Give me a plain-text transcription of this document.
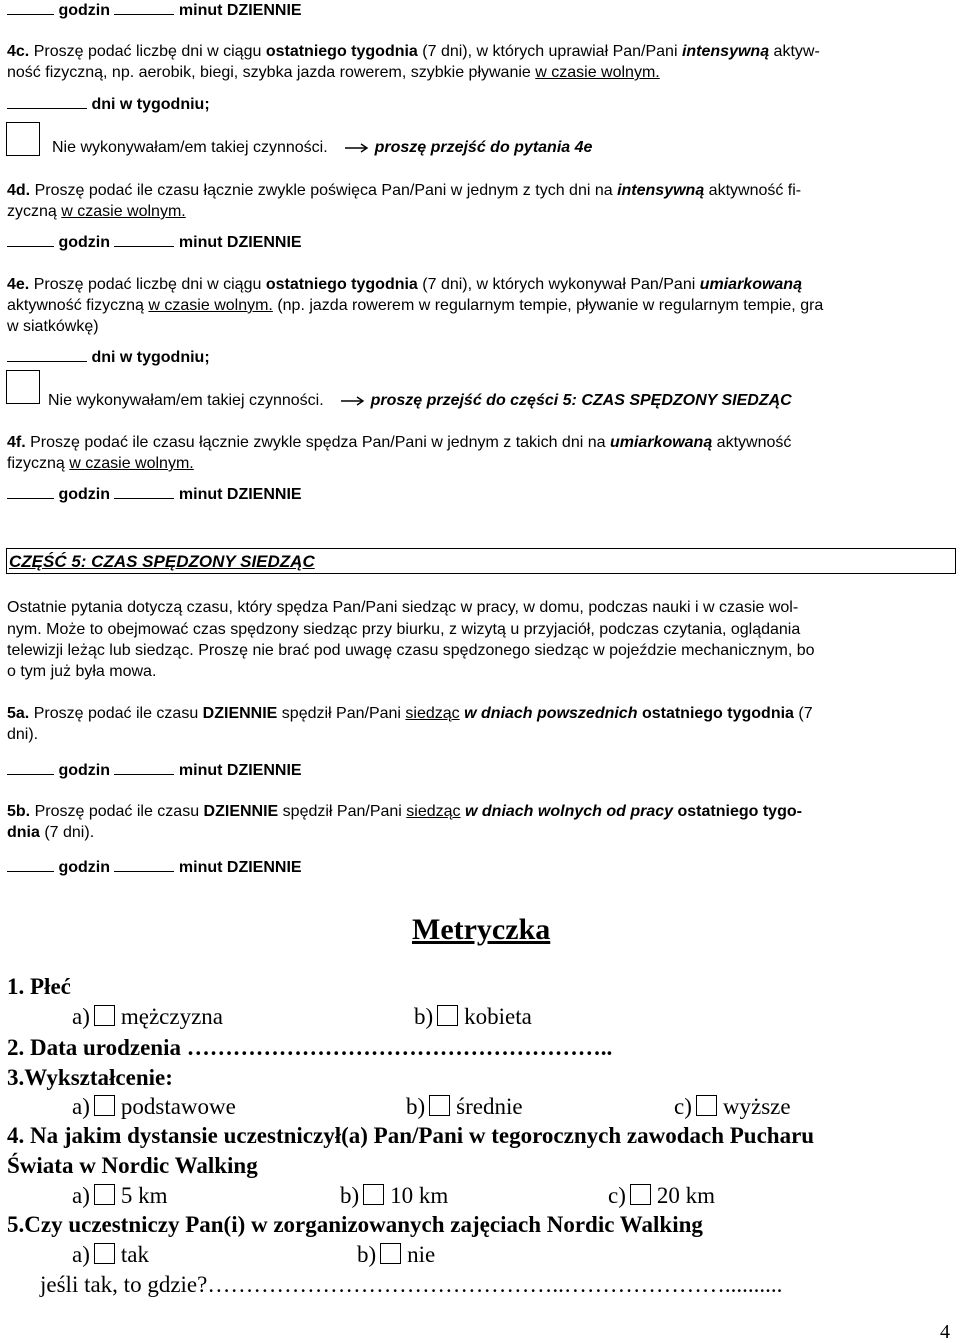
godzin	minut DZIENNIE
4c. Proszę podać liczbę dni w ciągu ostatniego tygodnia (7 dni), w których uprawiał Pan/Pani intensywną aktyw-
ność fizyczną, np. aerobik, biegi, szybka jazda rowerem, szybkie pływanie w czasie wolnym.
dni w tygodniu;
Nie wykonywałam/em takiej czynności.	proszę przejść do pytania 4e
4d. Proszę podać ile czasu łącznie zwykle poświęca Pan/Pani w jednym z tych dni na intensywną aktywność fi-
zyczną w czasie wolnym.
godzin	minut DZIENNIE
4e. Proszę podać liczbę dni w ciągu ostatniego tygodnia (7 dni), w których wykonywał Pan/Pani umiarkowaną
aktywność fizyczną w czasie wolnym. (np. jazda rowerem w regularnym tempie, pływanie w regularnym tempie, gra
w siatkówkę)
dni w tygodniu;
Nie wykonywałam/em takiej czynności.	proszę przejść do części 5: CZAS SPĘDZONY SIEDZĄC
4f. Proszę podać ile czasu łącznie zwykle spędza Pan/Pani w jednym z takich dni na umiarkowaną aktywność
fizyczną w czasie wolnym.
godzin	minut DZIENNIE
CZĘŚĆ 5: CZAS SPĘDZONY SIEDZĄC
Ostatnie pytania dotyczą czasu, który spędza Pan/Pani siedząc w pracy, w domu, podczas nauki i w czasie wol-
nym. Może to obejmować czas spędzony siedząc przy biurku, z wizytą u przyjaciół, podczas czytania, oglądania
telewizji leżąc lub siedząc. Proszę nie brać pod uwagę czasu spędzonego siedząc w pojeździe mechanicznym, bo
o tym już była mowa.
5a. Proszę podać ile czasu DZIENNIE spędził Pan/Pani siedząc w dniach powszednich ostatniego tygodnia (7
dni).
godzin	minut DZIENNIE
5b. Proszę podać ile czasu DZIENNIE spędził Pan/Pani siedząc w dniach wolnych od pracy ostatniego tygo-
dnia (7 dni).
godzin	minut DZIENNIE
Metryczka
1. Płeć
a) mężczyzna	b) kobieta
2. Data urodzenia ………………………………………………..
3.Wykształcenie:
a) podstawowe	b) średnie	c) wyższe
4. Na jakim dystansie uczestniczył(a) Pan/Pani w tegorocznych zawodach Pucharu
Świata w Nordic Walking
a) 5 km	b) 10 km	c) 20 km
5.Czy uczestniczy Pan(i) w zorganizowanych zajęciach Nordic Walking
a) tak	b) nie
jeśli tak, to gdzie?………………………………………..…………………..........
4
